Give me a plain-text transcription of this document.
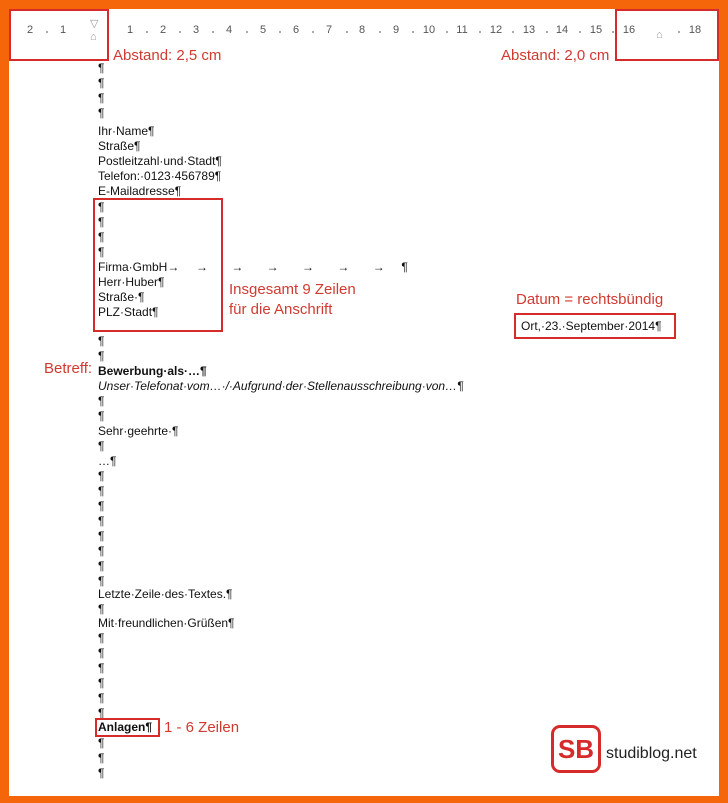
2 1 ▽
⌂
1 2 3 4	5 6 7 8	9 10 11 12 13 14 15 16 ⌂ 18
Abstand: 2,5 cm	Abstand: 2,0 cm
¶
¶
¶
¶
Ihr·Name¶
Straße¶
Postleitzahl·und·Stadt¶
Telefon:·0123·456789¶
E-Mailadresse¶
¶
¶
¶
¶
Firma·GmbH→     →       →       →       →       →       →     ¶
Herr·Huber¶
Straße·¶
PLZ·Stadt¶
Insgesamt 9 Zeilen
für die Anschrift
Datum = rechtsbündig
Ort,·23.·September·2014¶
¶
¶
Betreff: Bewerbung·als·…¶
Unser·Telefonat·vom…·/·Aufgrund·der·Stellenausschreibung·von…¶
¶
¶
Sehr·geehrte·¶
¶
…¶
¶
¶
¶
¶
¶
¶
¶
¶
Letzte·Zeile·des·Textes.¶
¶
Mit·freundlichen·Grüßen¶
¶
¶
¶
¶
¶
¶
Anlagen¶ 1 - 6 Zeilen
¶
¶
¶
SB studiblog.net
